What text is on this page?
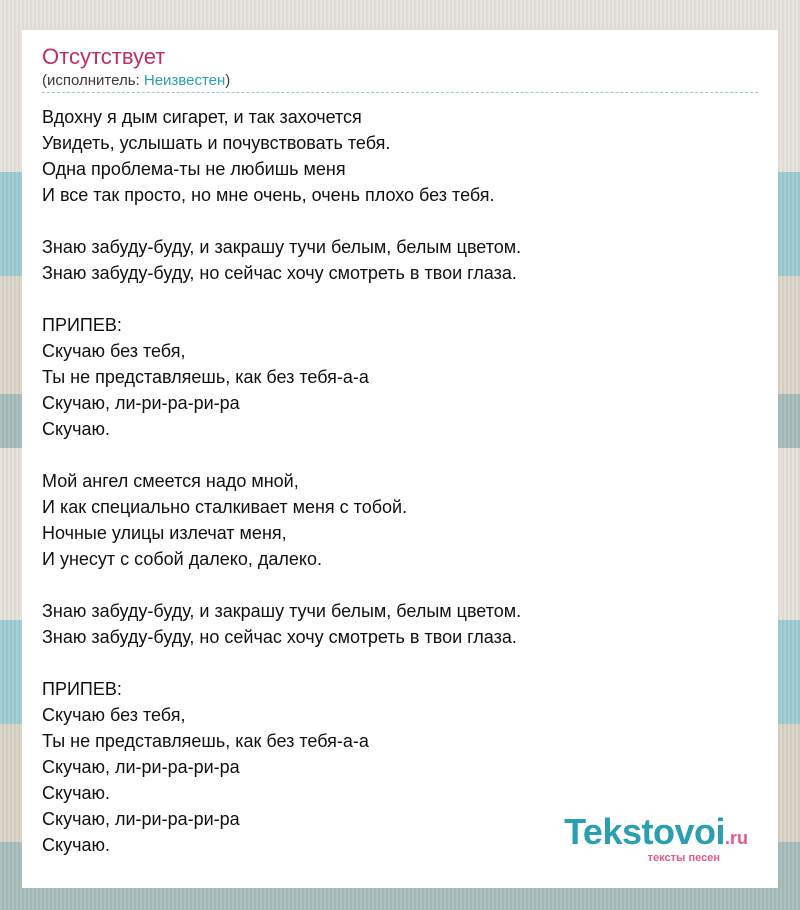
Отсутствует
(исполнитель: Неизвестен)
Вдохну я дым сигарет, и так захочется
Увидеть, услышать и почувствовать тебя.
Одна проблема-ты не любишь меня
И все так просто, но мне очень, очень плохо без тебя.
Знаю забуду-буду, и закрашу тучи белым, белым цветом.
Знаю забуду-буду, но сейчас хочу смотреть в твои глаза.
ПРИПЕВ:
Скучаю без тебя,
Ты не представляешь, как без тебя-а-а
Скучаю, ли-ри-ра-ри-ра
Скучаю.
Мой ангел смеется надо мной,
И как специально сталкивает меня с тобой.
Ночные улицы излечат меня,
И унесут с собой далеко, далеко.
Знаю забуду-буду, и закрашу тучи белым, белым цветом.
Знаю забуду-буду, но сейчас хочу смотреть в твои глаза.
ПРИПЕВ:
Скучаю без тебя,
Ты не представляешь, как без тебя-а-а
Скучаю, ли-ри-ра-ри-ра
Скучаю.
Скучаю, ли-ри-ра-ри-ра
Скучаю.	Tekstovoi.ru
тексты песен
